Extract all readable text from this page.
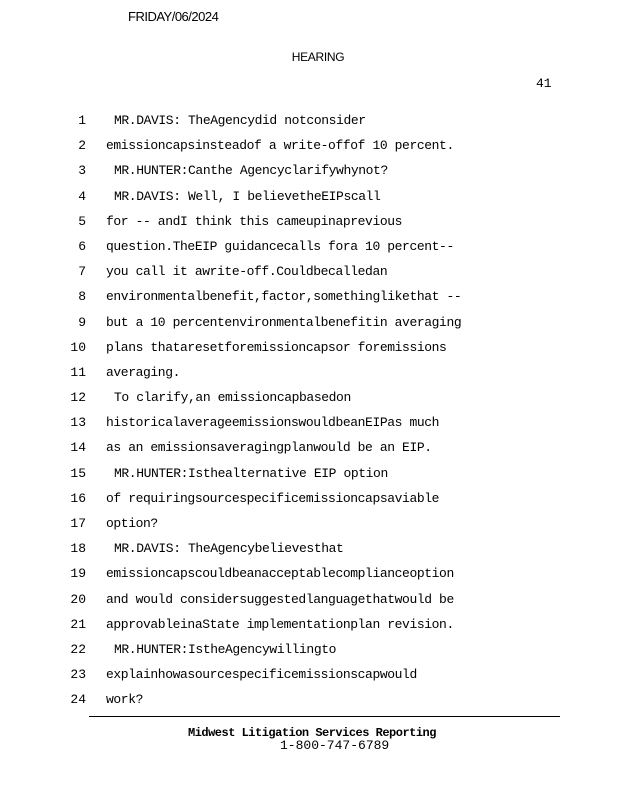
FRIDAY/06/2024
HEARING
41
1 MR.DAVIS: TheAgencydid notconsider
2 emissioncapsinsteadof a write-offof 10 percent.
3 MR.HUNTER:Canthe Agencyclarifywhynot?
4 MR.DAVIS: Well, I believetheEIPscall
5 for -- andI think this cameupinaprevious
6 question.TheEIP guidancecalls fora 10 percent--
7 you call it awrite-off.Couldbecalledan
8 environmentalbenefit,factor,somethinglikethat --
9 but a 10 percentenvironmentalbenefitin averaging
10 plans thataresetforemissioncapsor foremissions
11 averaging.
12 To clarify,an emissioncapbasedon
13 historicalaverageemissionswouldbeanEIPas much
14 as an emissionsaveragingplanwould be an EIP.
15 MR.HUNTER:Isthealternative EIP option
16 of requiringsourcespecificemissioncapsaviable
17 option?
18 MR.DAVIS: TheAgencybelievesthat
19 emissioncapscouldbeanacceptablecomplianceoption
20 and would considersuggestedlanguagethatwould be
21 approvableinaState implementationplan revision.
22 MR.HUNTER:IstheAgencywillingto
23 explainhowasourcespecificemissionscapwould
24 work?
Midwest Litigation Services Reporting
1-800-747-6789
